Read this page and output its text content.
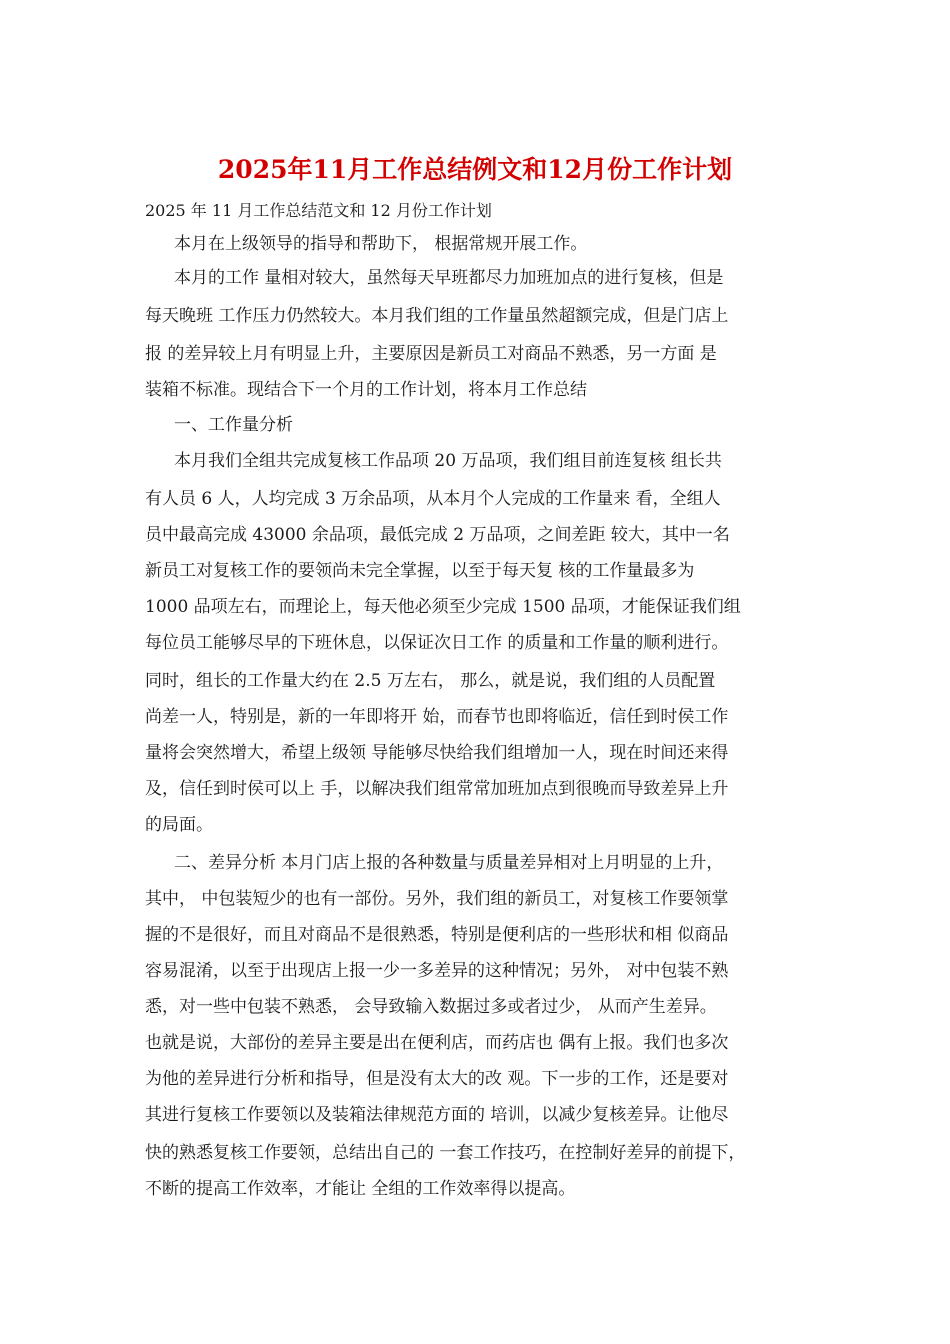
2025年11月工作总结例文和12月份工作计划

2025 年 11 月工作总结范文和 12 月份工作计划

本月在上级领导的指导和帮助下， 根据常规开展工作。

本月的工作 量相对较大，虽然每天早班都尽力加班加点的进行复核，但是

每天晚班 工作压力仍然较大。本月我们组的工作量虽然超额完成，但是门店上

报 的差异较上月有明显上升，主要原因是新员工对商品不熟悉，另一方面 是

装箱不标准。现结合下一个月的工作计划，将本月工作总结

一、工作量分析

本月我们全组共完成复核工作品项 20 万品项，我们组目前连复核 组长共

有人员 6 人，人均完成 3 万余品项，从本月个人完成的工作量来 看，全组人

员中最高完成 43000 余品项，最低完成 2 万品项，之间差距 较大，其中一名

新员工对复核工作的要领尚未完全掌握，以至于每天复 核的工作量最多为

1000 品项左右，而理论上，每天他必须至少完成 1500 品项，才能保证我们组

每位员工能够尽早的下班休息，以保证次日工作 的质量和工作量的顺利进行。

同时，组长的工作量大约在 2.5 万左右， 那么，就是说，我们组的人员配置

尚差一人，特别是，新的一年即将开 始，而春节也即将临近，信任到时侯工作

量将会突然增大，希望上级领 导能够尽快给我们组增加一人，现在时间还来得

及，信任到时侯可以上 手，以解决我们组常常加班加点到很晚而导致差异上升

的局面。

二、差异分析 本月门店上报的各种数量与质量差异相对上月明显的上升，

其中， 中包装短少的也有一部份。另外，我们组的新员工，对复核工作要领掌

握的不是很好，而且对商品不是很熟悉，特别是便利店的一些形状和相 似商品

容易混淆，以至于出现店上报一少一多差异的这种情况；另外， 对中包装不熟

悉，对一些中包装不熟悉， 会导致输入数据过多或者过少， 从而产生差异。

也就是说，大部份的差异主要是出在便利店，而药店也 偶有上报。我们也多次

为他的差异进行分析和指导，但是没有太大的改 观。下一步的工作，还是要对

其进行复核工作要领以及装箱法律规范方面的 培训，以减少复核差异。让他尽

快的熟悉复核工作要领，总结出自己的 一套工作技巧，在控制好差异的前提下，

不断的提高工作效率，才能让 全组的工作效率得以提高。
